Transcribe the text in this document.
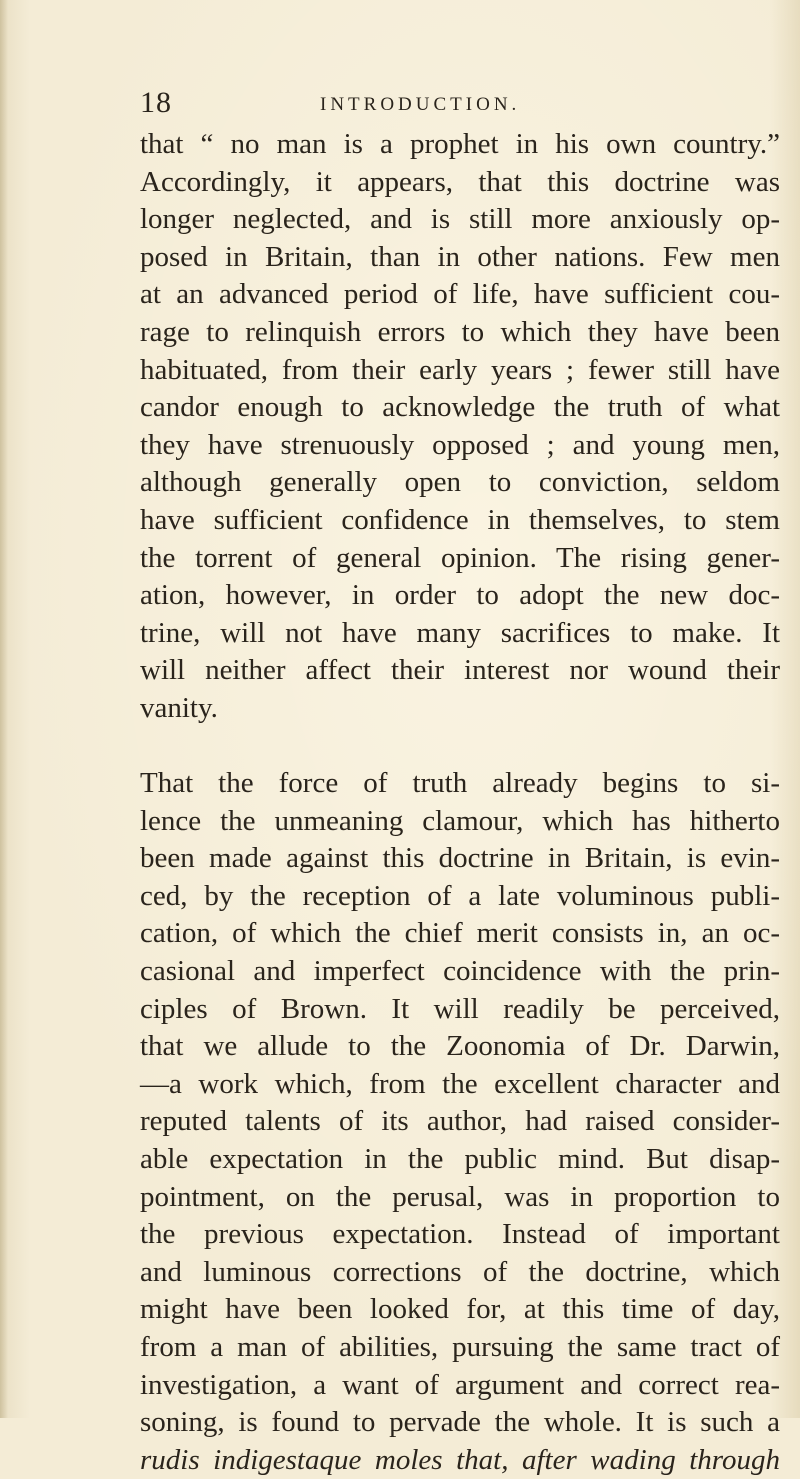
18	INTRODUCTION.
that “ no man is a prophet in his own country.”
Accordingly, it appears, that this doctrine was
longer neglected, and is still more anxiously op-
posed in Britain, than in other nations. Few men
at an advanced period of life, have sufficient cou-
rage to relinquish errors to which they have been
habituated, from their early years ; fewer still have
candor enough to acknowledge the truth of what
they have strenuously opposed ; and young men,
although generally open to conviction, seldom
have sufficient confidence in themselves, to stem
the torrent of general opinion. The rising gener-
ation, however, in order to adopt the new doc-
trine, will not have many sacrifices to make. It
will neither affect their interest nor wound their
vanity.
That the force of truth already begins to si-
lence the unmeaning clamour, which has hitherto
been made against this doctrine in Britain, is evin-
ced, by the reception of a late voluminous publi-
cation, of which the chief merit consists in, an oc-
casional and imperfect coincidence with the prin-
ciples of Brown. It will readily be perceived,
that we allude to the Zoonomia of Dr. Darwin,
—a work which, from the excellent character and
reputed talents of its author, had raised consider-
able expectation in the public mind. But disap-
pointment, on the perusal, was in proportion to
the previous expectation. Instead of important
and luminous corrections of the doctrine, which
might have been looked for, at this time of day,
from a man of abilities, pursuing the same tract of
investigation, a want of argument and correct rea-
soning, is found to pervade the whole. It is such a
rudis indigestaque moles that, after wading through
